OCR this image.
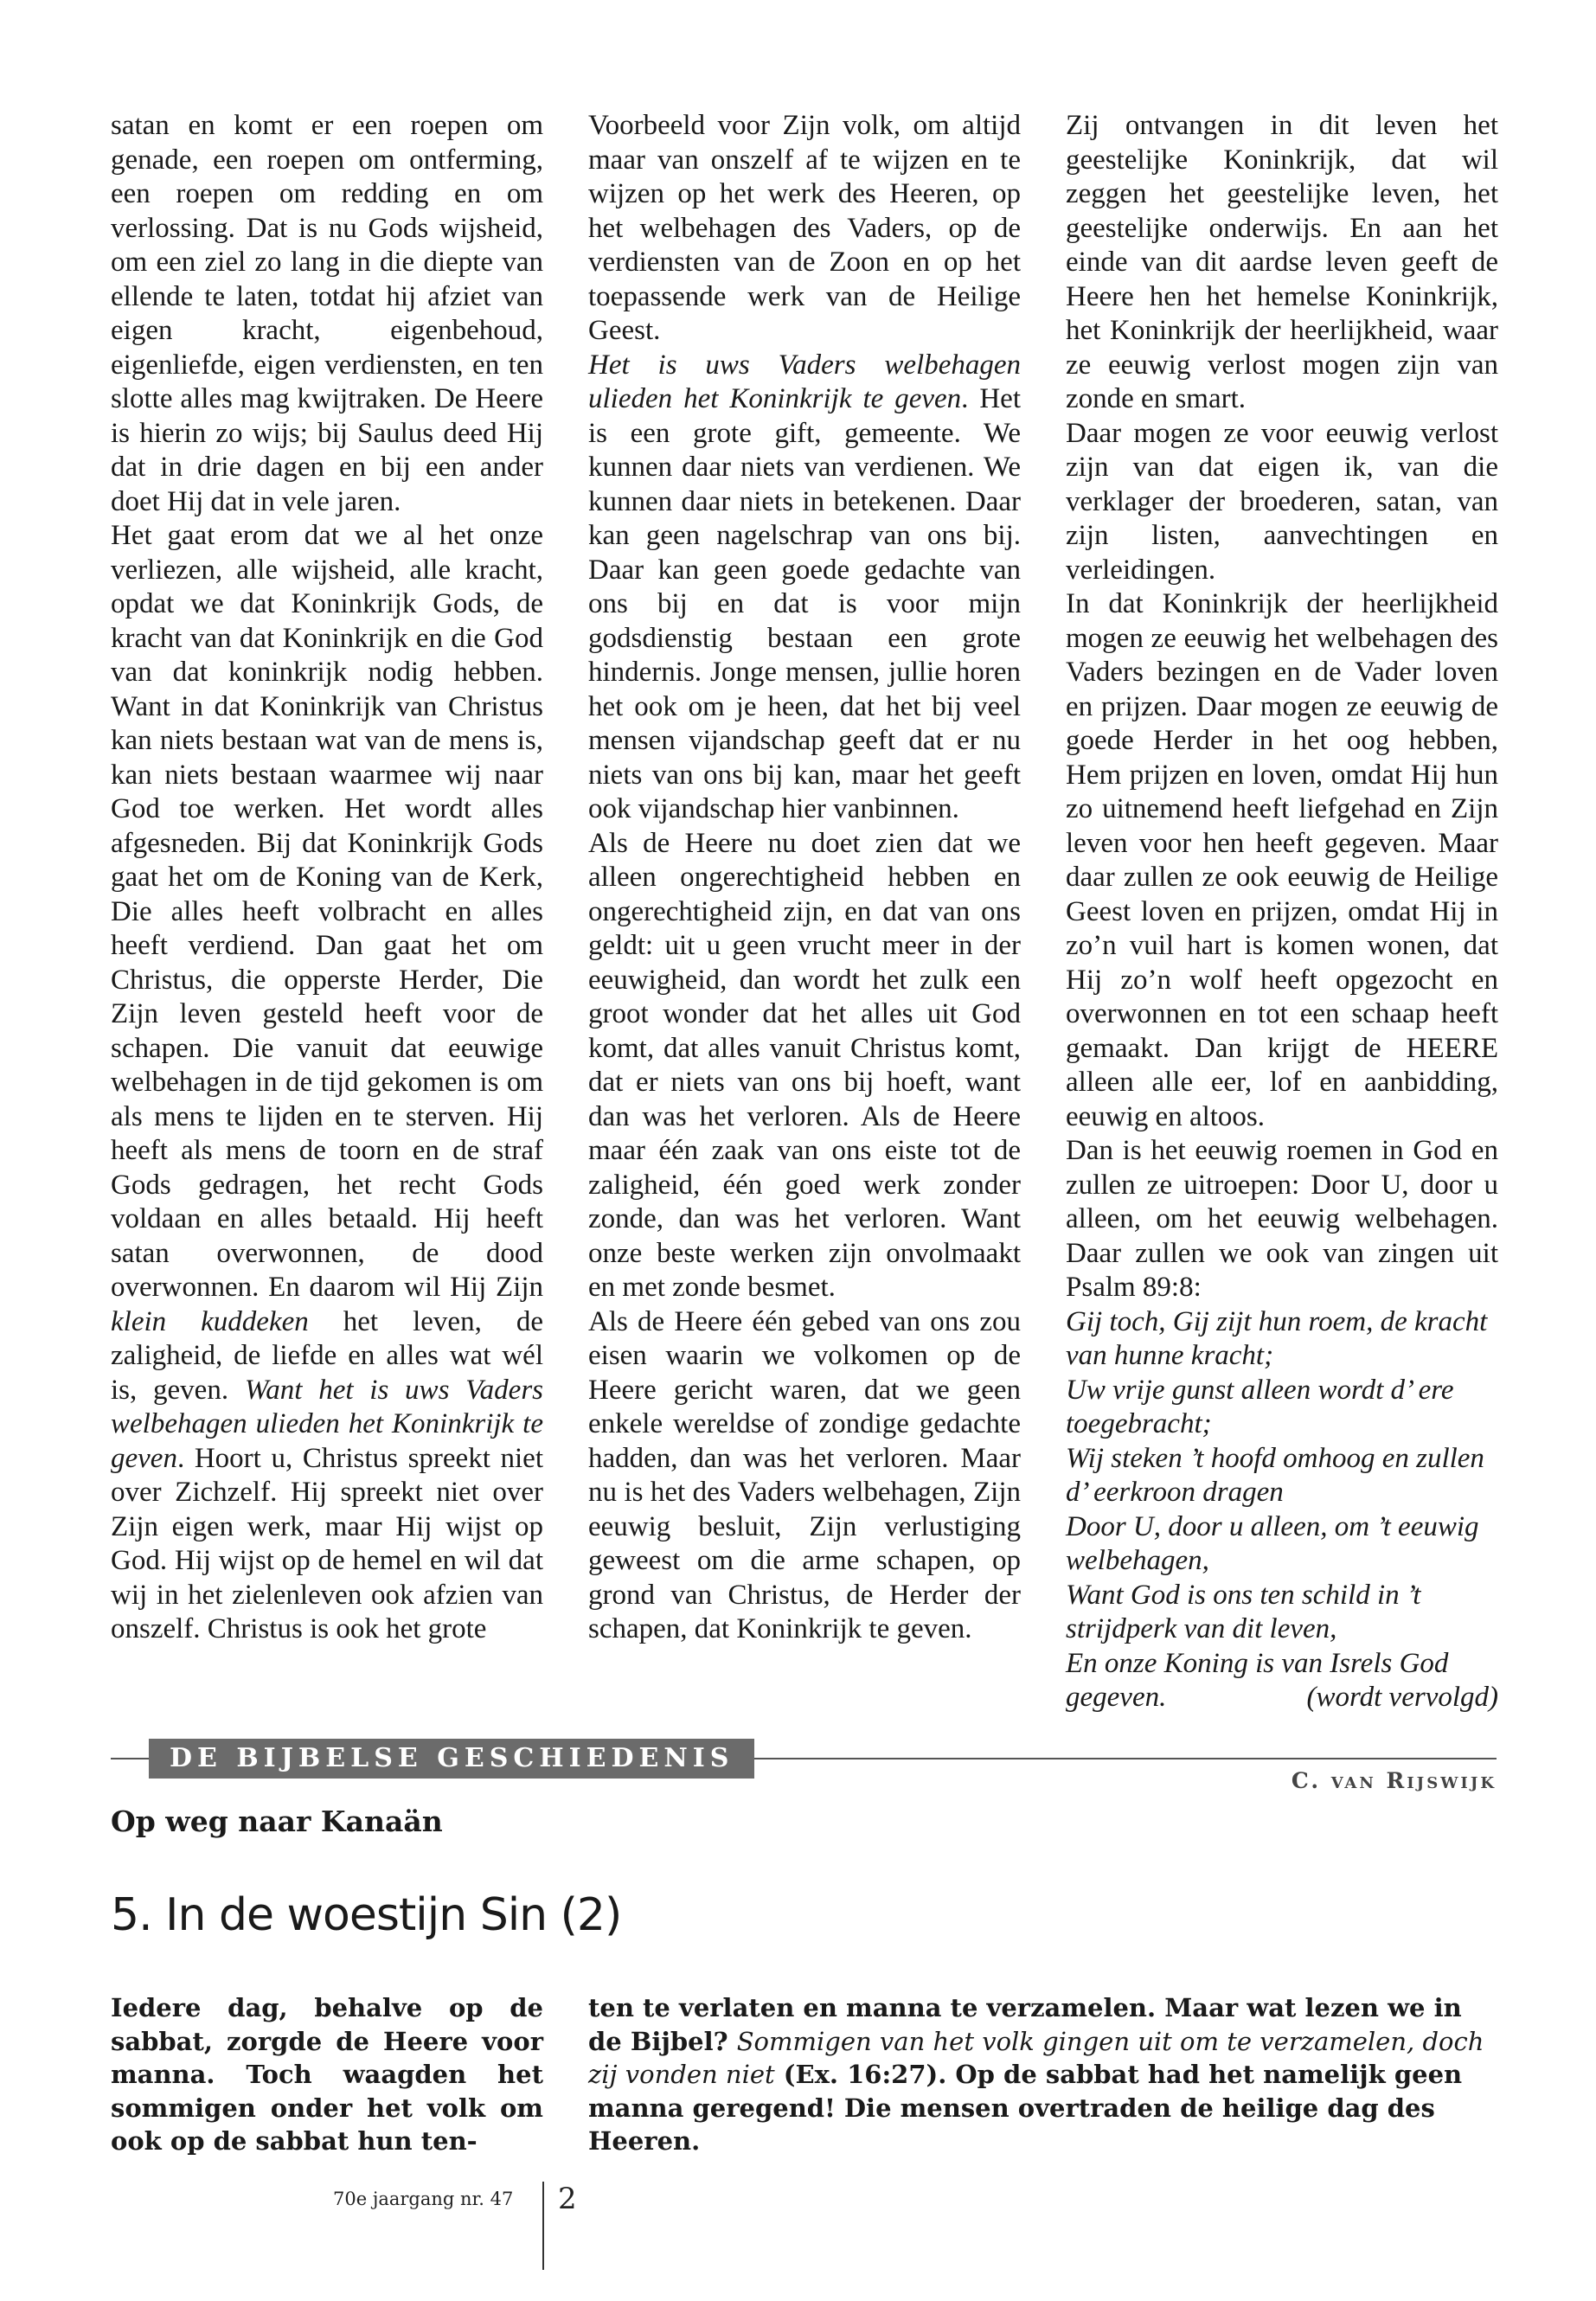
satan en komt er een roepen om genade, een roepen om ontferming, een roepen om redding en om verlossing. Dat is nu Gods wijsheid, om een ziel zo lang in die diepte van ellende te laten, totdat hij afziet van eigen kracht, eigenbehoud, eigenliefde, eigen verdiensten, en ten slotte alles mag kwijtraken. De Heere is hierin zo wijs; bij Saulus deed Hij dat in drie dagen en bij een ander doet Hij dat in vele jaren.

Het gaat erom dat we al het onze verliezen, alle wijsheid, alle kracht, opdat we dat Koninkrijk Gods, de kracht van dat Koninkrijk en die God van dat koninkrijk nodig hebben. Want in dat Koninkrijk van Christus kan niets bestaan wat van de mens is, kan niets bestaan waarmee wij naar God toe werken. Het wordt alles afgesneden. Bij dat Koninkrijk Gods gaat het om de Koning van de Kerk, Die alles heeft volbracht en alles heeft verdiend. Dan gaat het om Christus, die opperste Herder, Die Zijn leven gesteld heeft voor de schapen. Die vanuit dat eeuwige welbehagen in de tijd gekomen is om als mens te lijden en te sterven. Hij heeft als mens de toorn en de straf Gods gedragen, het recht Gods voldaan en alles betaald. Hij heeft satan overwonnen, de dood overwonnen. En daarom wil Hij Zijn klein kuddeken het leven, de zaligheid, de liefde en alles wat wél is, geven. Want het is uws Vaders welbehagen ulieden het Koninkrijk te geven. Hoort u, Christus spreekt niet over Zichzelf. Hij spreekt niet over Zijn eigen werk, maar Hij wijst op God. Hij wijst op de hemel en wil dat wij in het zielenleven ook afzien van onszelf. Christus is ook het grote

Voorbeeld voor Zijn volk, om altijd maar van onszelf af te wijzen en te wijzen op het werk des Heeren, op het welbehagen des Vaders, op de verdiensten van de Zoon en op het toepassende werk van de Heilige Geest.

Het is uws Vaders welbehagen ulieden het Koninkrijk te geven. Het is een grote gift, gemeente. We kunnen daar niets van verdienen. We kunnen daar niets in betekenen. Daar kan geen nagelschrap van ons bij. Daar kan geen goede gedachte van ons bij en dat is voor mijn godsdienstig bestaan een grote hindernis. Jonge mensen, jullie horen het ook om je heen, dat het bij veel mensen vijandschap geeft dat er nu niets van ons bij kan, maar het geeft ook vijandschap hier vanbinnen.

Als de Heere nu doet zien dat we alleen ongerechtigheid hebben en ongerechtigheid zijn, en dat van ons geldt: uit u geen vrucht meer in der eeuwigheid, dan wordt het zulk een groot wonder dat het alles uit God komt, dat alles vanuit Christus komt, dat er niets van ons bij hoeft, want dan was het verloren. Als de Heere maar één zaak van ons eiste tot de zaligheid, één goed werk zonder zonde, dan was het verloren. Want onze beste werken zijn onvolmaakt en met zonde besmet.

Als de Heere één gebed van ons zou eisen waarin we volkomen op de Heere gericht waren, dat we geen enkele wereldse of zondige gedachte hadden, dan was het verloren. Maar nu is het des Vaders welbehagen, Zijn eeuwig besluit, Zijn verlustiging geweest om die arme schapen, op grond van Christus, de Herder der schapen, dat Koninkrijk te geven.

Zij ontvangen in dit leven het geestelijke Koninkrijk, dat wil zeggen het geestelijke leven, het geestelijke onderwijs. En aan het einde van dit aardse leven geeft de Heere hen het hemelse Koninkrijk, het Koninkrijk der heerlijkheid, waar ze eeuwig verlost mogen zijn van zonde en smart.

Daar mogen ze voor eeuwig verlost zijn van dat eigen ik, van die verklager der broederen, satan, van zijn listen, aanvechtingen en verleidingen.

In dat Koninkrijk der heerlijkheid mogen ze eeuwig het welbehagen des Vaders bezingen en de Vader loven en prijzen. Daar mogen ze eeuwig de goede Herder in het oog hebben, Hem prijzen en loven, omdat Hij hun zo uitnemend heeft liefgehad en Zijn leven voor hen heeft gegeven. Maar daar zullen ze ook eeuwig de Heilige Geest loven en prijzen, omdat Hij in zo’n vuil hart is komen wonen, dat Hij zo’n wolf heeft opgezocht en overwonnen en tot een schaap heeft gemaakt. Dan krijgt de HEERE alleen alle eer, lof en aanbidding, eeuwig en altoos.

Dan is het eeuwig roemen in God en zullen ze uitroepen: Door U, door u alleen, om het eeuwig welbehagen. Daar zullen we ook van zingen uit Psalm 89:8:

Gij toch, Gij zijt hun roem, de kracht van hunne kracht;

Uw vrije gunst alleen wordt d’ ere toegebracht;

Wij steken ’t hoofd omhoog en zullen d’ eerkroon dragen

Door U, door u alleen, om ’t eeuwig welbehagen,

Want God is ons ten schild in ’t strijdperk van dit leven,

En onze Koning is van Isrels God

gegeven.	(wordt vervolgd)
DE BIJBELSE GESCHIEDENIS
C. van Rijswijk
Op weg naar Kanaän
5. In de woestijn Sin (2)
Iedere dag, behalve op de sabbat, zorgde de Heere voor manna. Toch waagden het sommigen onder het volk om ook op de sabbat hun ten-
ten te verlaten en manna te verzamelen. Maar wat lezen we in de Bijbel? Sommigen van het volk gingen uit om te verzamelen, doch zij vonden niet (Ex. 16:27). Op de sabbat had het namelijk geen manna geregend! Die mensen overtraden de heilige dag des Heeren.
70e jaargang nr. 47 2
